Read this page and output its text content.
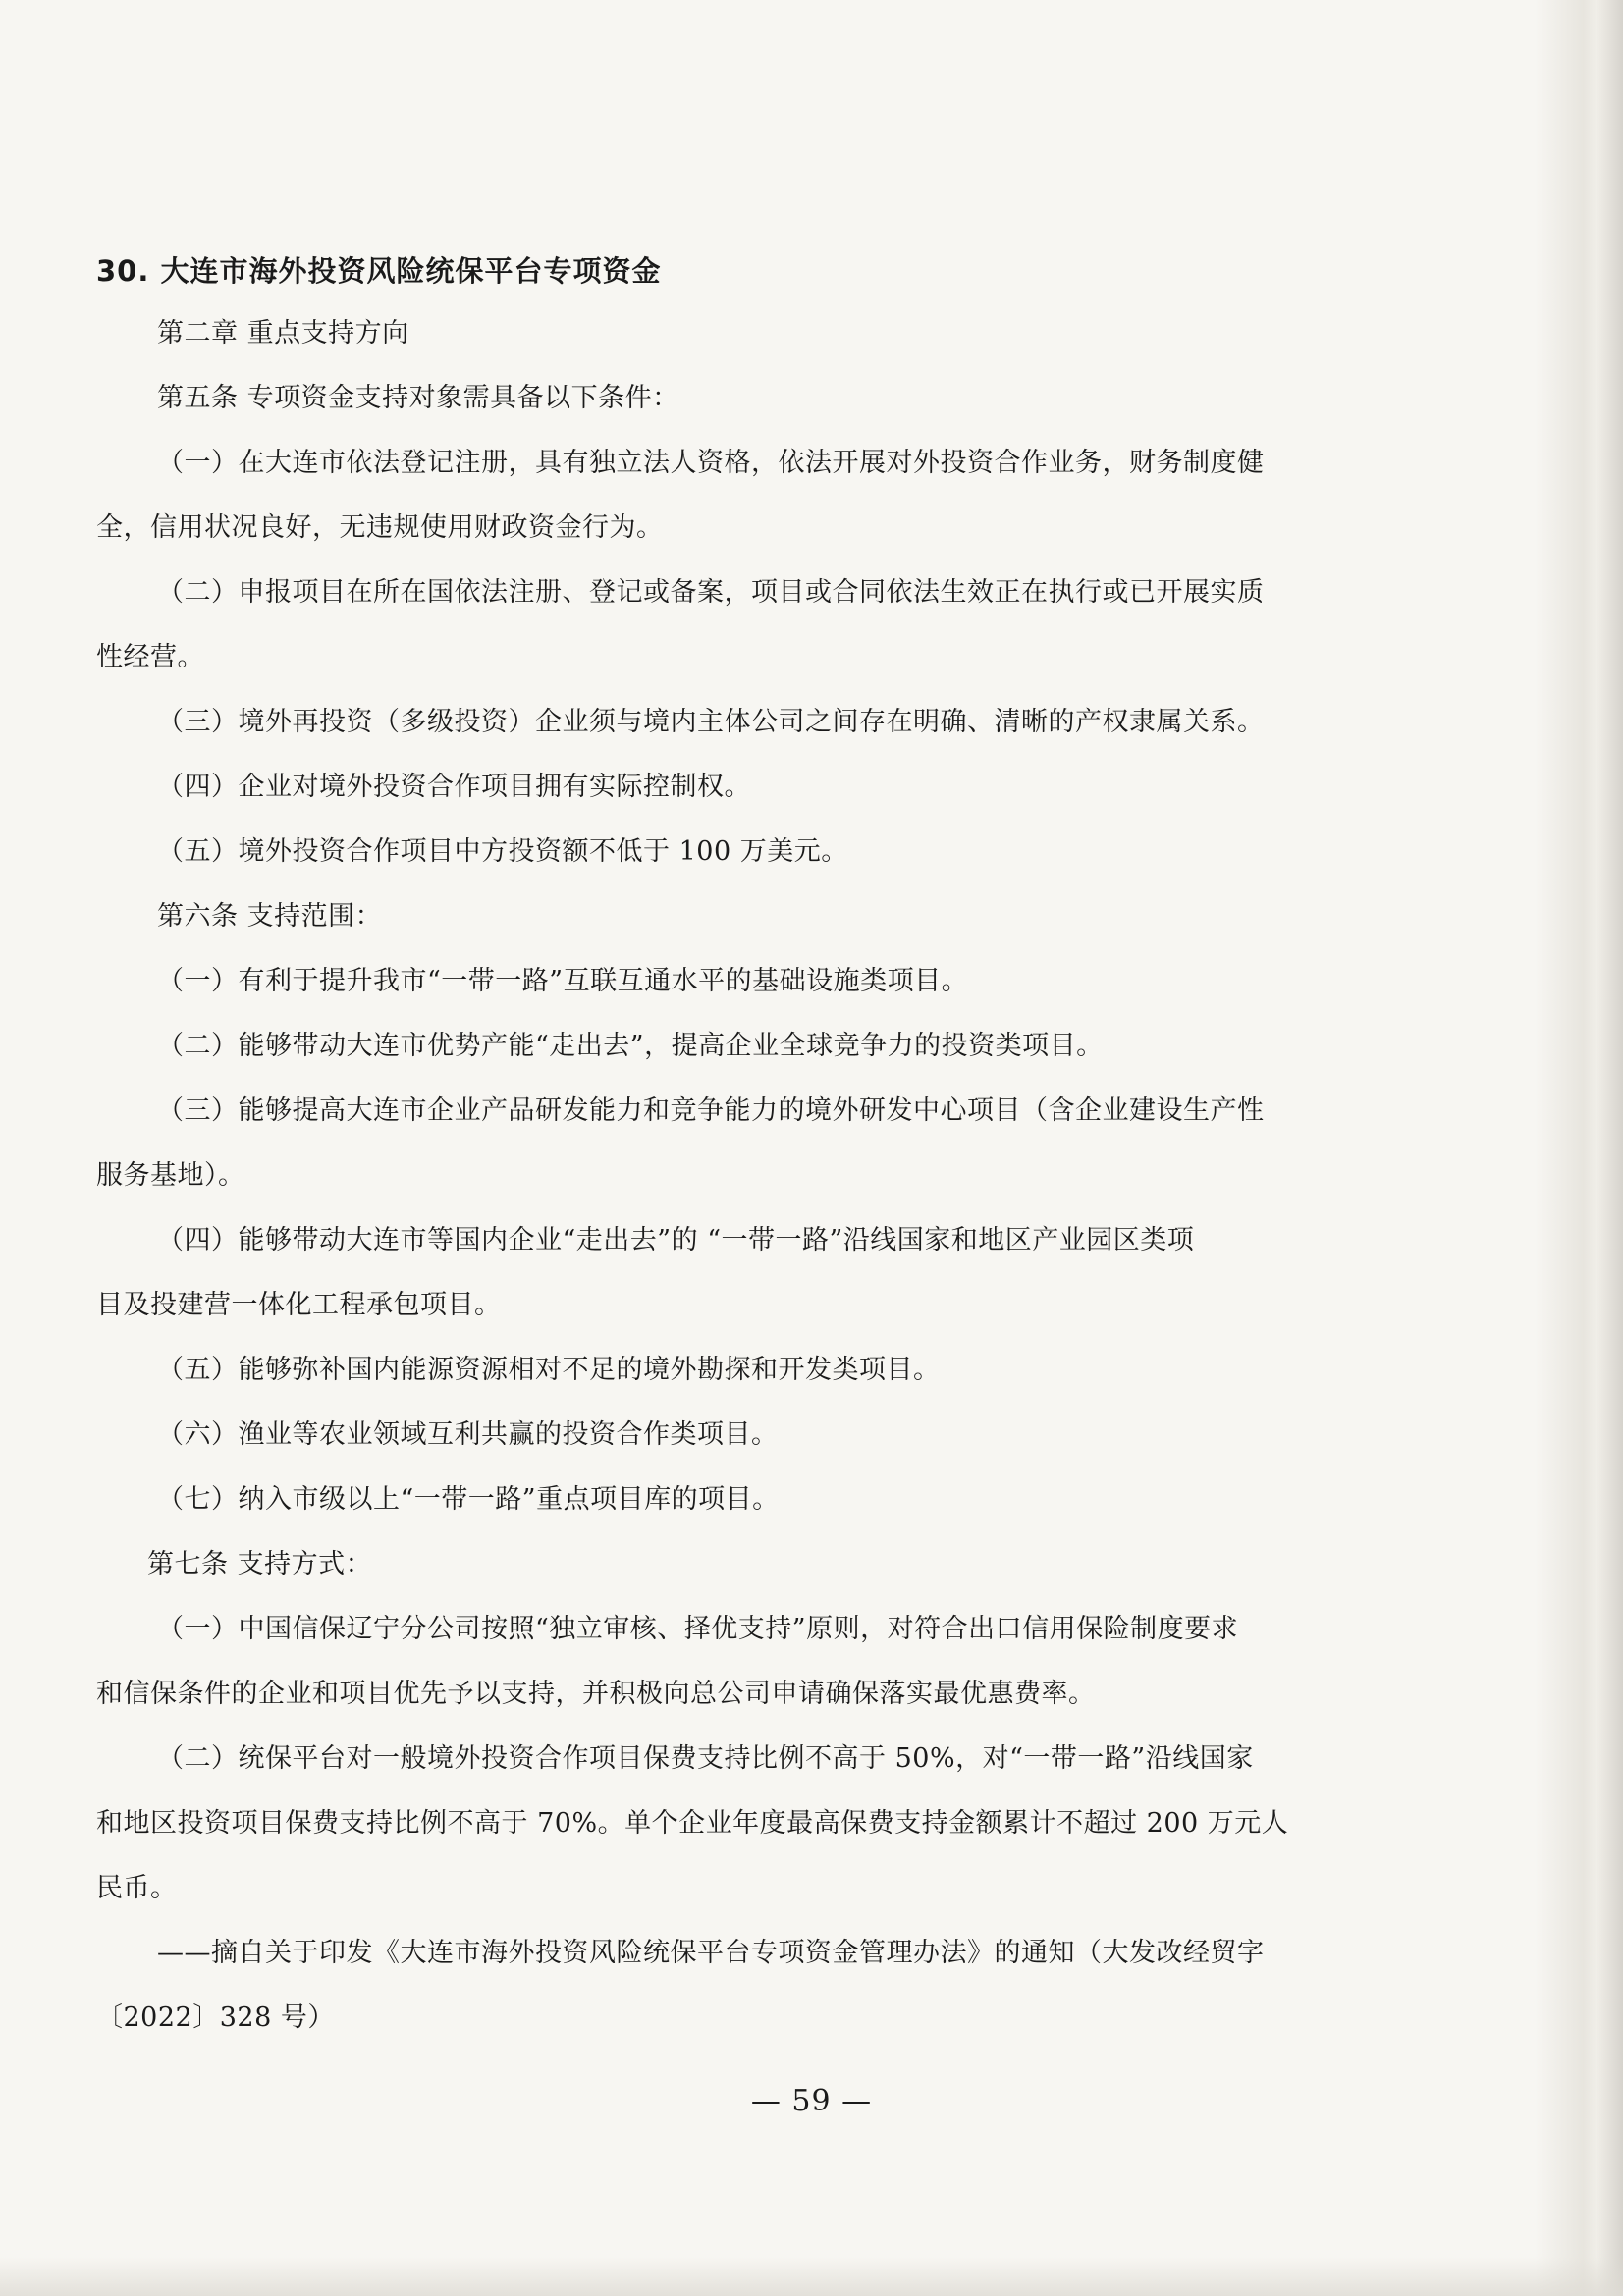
30. 大连市海外投资风险统保平台专项资金
第二章 重点支持方向
第五条 专项资金支持对象需具备以下条件：
（一）在大连市依法登记注册，具有独立法人资格，依法开展对外投资合作业务，财务制度健
全，信用状况良好，无违规使用财政资金行为。
（二）申报项目在所在国依法注册、登记或备案，项目或合同依法生效正在执行或已开展实质
性经营。
（三）境外再投资（多级投资）企业须与境内主体公司之间存在明确、清晰的产权隶属关系。
（四）企业对境外投资合作项目拥有实际控制权。
（五）境外投资合作项目中方投资额不低于 100 万美元。
第六条 支持范围：
（一）有利于提升我市“一带一路”互联互通水平的基础设施类项目。
（二）能够带动大连市优势产能“走出去”，提高企业全球竞争力的投资类项目。
（三）能够提高大连市企业产品研发能力和竞争能力的境外研发中心项目（含企业建设生产性
服务基地）。
（四）能够带动大连市等国内企业“走出去”的 “一带一路”沿线国家和地区产业园区类项
目及投建营一体化工程承包项目。
（五）能够弥补国内能源资源相对不足的境外勘探和开发类项目。
（六）渔业等农业领域互利共赢的投资合作类项目。
（七）纳入市级以上“一带一路”重点项目库的项目。
第七条 支持方式：
（一）中国信保辽宁分公司按照“独立审核、择优支持”原则，对符合出口信用保险制度要求
和信保条件的企业和项目优先予以支持，并积极向总公司申请确保落实最优惠费率。
（二）统保平台对一般境外投资合作项目保费支持比例不高于 50%，对“一带一路”沿线国家
和地区投资项目保费支持比例不高于 70%。单个企业年度最高保费支持金额累计不超过 200 万元人
民币。
——摘自关于印发《大连市海外投资风险统保平台专项资金管理办法》的通知（大发改经贸字
〔2022〕328 号）
— 59 —
